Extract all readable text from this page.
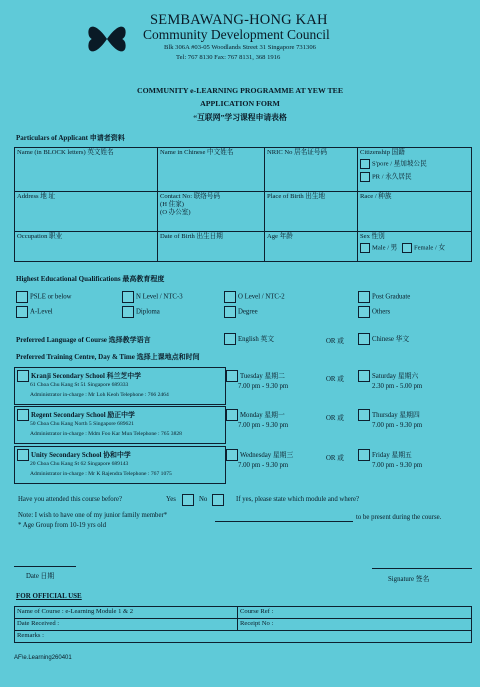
SEMBAWANG-HONG KAH
Community Development Council
Blk 306A #03-05 Woodlands Street 31 Singapore 731306
Tel: 767 8130 Fax: 767 8131, 368 1916
COMMUNITY e-LEARNING PROGRAMME AT YEW TEE
APPLICATION FORM
“互联网”学习课程申请表格
Particulars of Applicant 申请者资料
Name (in BLOCK letters) 英文姓名	Name in Chinese 中文姓名	NRIC No 居名证号码	Citizenship 国籍
S'pore / 星加坡公民
PR / 永久居民

Address 地 址	Contact No: 联络号码
(H 住家)
(O 办公室)	Place of Birth 出生地	Race / 种族
Occupation 职业	Date of Birth 出生日期	Age 年龄	Sex 性别
Male / 男 Female / 女
Highest Educational Qualifications 最高教育程度
PSLE or below	N Level / NTC-3	O Level / NTC-2	Post Graduate
A-Level	Diploma	Degree	Others
Preferred Language of Course 选择教学语言	English 英文	OR 或	Chinese 华文
Preferred Training Centre, Day & Time 选择上课地点和时间
Kranji Secondary School 科兰芝中学
61 Choa Chu Kang St 51 Singapore 689333
Administrator in-charge : Mr Loh Keoh Telephone : 766 2464
Tuesday 星期二
7.00 pm - 9.30 pm
OR 或	Saturday 星期六
2.30 pm - 5.00 pm
Regent Secondary School 励正中学
50 Choa Chu Kang North 5 Singapore 689621
Administrator in-charge : Mdm Foo Kar Mun Telephone : 765 3828
Monday 星期一
7.00 pm - 9.30 pm
OR 或	Thursday 星期四
7.00 pm - 9.30 pm
Unity Secondary School 协和中学
20 Choa Chu Kang St 62 Singapore 689143
Administrator in-charge : Mr K Rajendra Telephone : 767 1075
Wednesday 星期三
7.00 pm - 9.30 pm
OR 或	Friday 星期五
7.00 pm - 9.30 pm
Have you attended this course before?	Yes	No	If yes, please state which module and where?
Note: I wish to have one of my junior family member*	to be present during the course.
* Age Group from 10-19 yrs old
Date 日期	Signature 签名
FOR OFFICIAL USE
Name of Course : e-Learning Module 1 & 2	Course Ref :
Date Received :	Receipt No :
Remarks :	
AF\e.Learning260401
